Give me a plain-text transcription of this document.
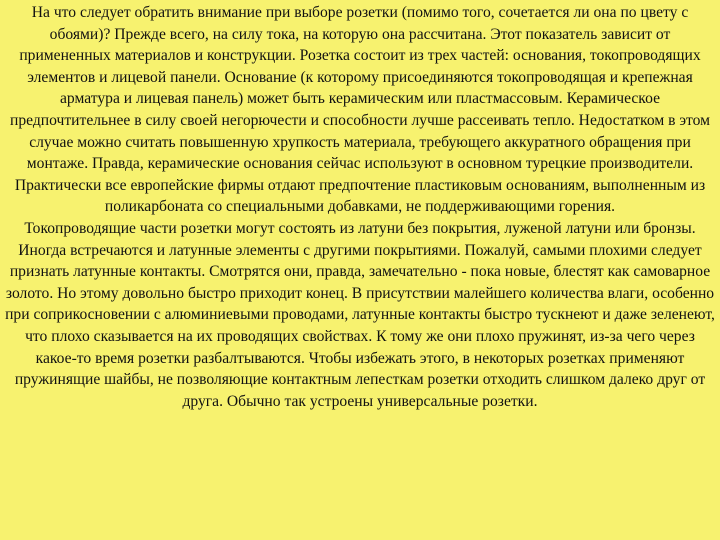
На что следует обратить внимание при выборе розетки (помимо того, сочетается ли она по цвету с обоями)? Прежде всего, на силу тока, на которую она рассчитана. Этот показатель зависит от примененных материалов и конструкции. Розетка состоит из трех частей: основания, токопроводящих элементов и лицевой панели. Основание (к которому присоединяются токопроводящая и крепежная арматура и лицевая панель) может быть керамическим или пластмассовым. Керамическое предпочтительнее в силу своей негорючести и способности лучше рассеивать тепло. Недостатком в этом случае можно считать повышенную хрупкость материала, требующего аккуратного обращения при монтаже. Правда, керамические основания сейчас используют в основном турецкие производители. Практически все европейские фирмы отдают предпочтение пластиковым основаниям, выполненным из поликарбоната со специальными добавками, не поддерживающими горения.

Токопроводящие части розетки могут состоять из латуни без покрытия, луженой латуни или бронзы. Иногда встречаются и латунные элементы с другими покрытиями. Пожалуй, самыми плохими следует признать латунные контакты. Смотрятся они, правда, замечательно - пока новые, блестят как самоварное золото. Но этому довольно быстро приходит конец. В присутствии малейшего количества влаги, особенно при соприкосновении с алюминиевыми проводами, латунные контакты быстро тускнеют и даже зеленеют, что плохо сказывается на их проводящих свойствах. К тому же они плохо пружинят, из-за чего через какое-то время розетки разбалтываются. Чтобы избежать этого, в некоторых розетках применяют пружинящие шайбы, не позволяющие контактным лепесткам розетки отходить слишком далеко друг от друга. Обычно так устроены универсальные розетки.
